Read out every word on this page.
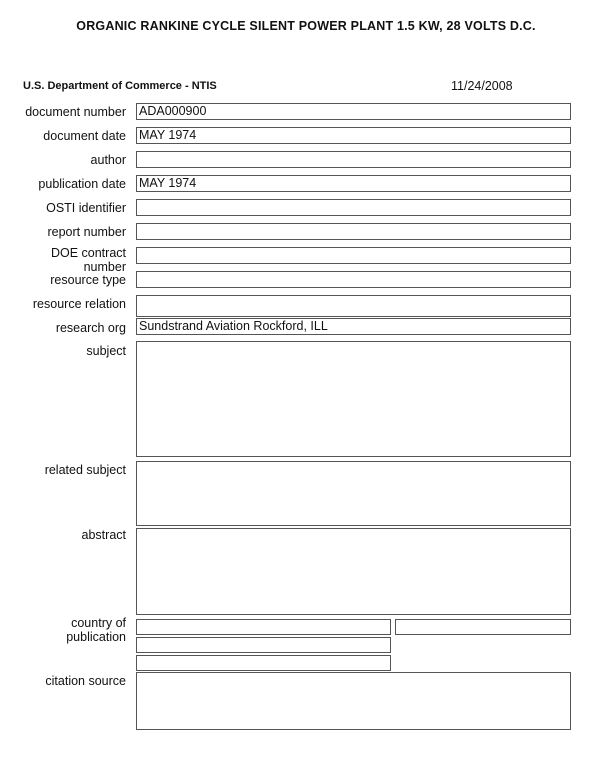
ORGANIC RANKINE CYCLE SILENT POWER PLANT 1.5 KW, 28 VOLTS D.C.
U.S. Department of Commerce - NTIS	11/24/2008
document number ADA000900
document date MAY 1974
author
publication date MAY 1974
OSTI identifier
report number
DOE contract
number
resource type
resource relation
research org Sundstrand Aviation Rockford, ILL
subject
related subject
abstract
country of
publication
citation source
